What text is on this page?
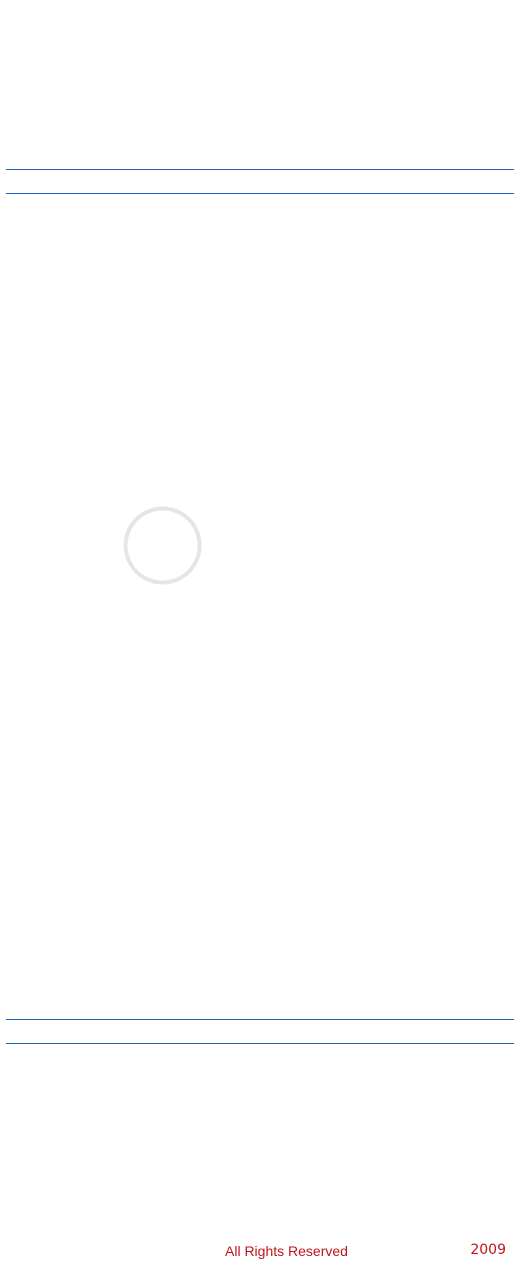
All Rights Reserved	2009
